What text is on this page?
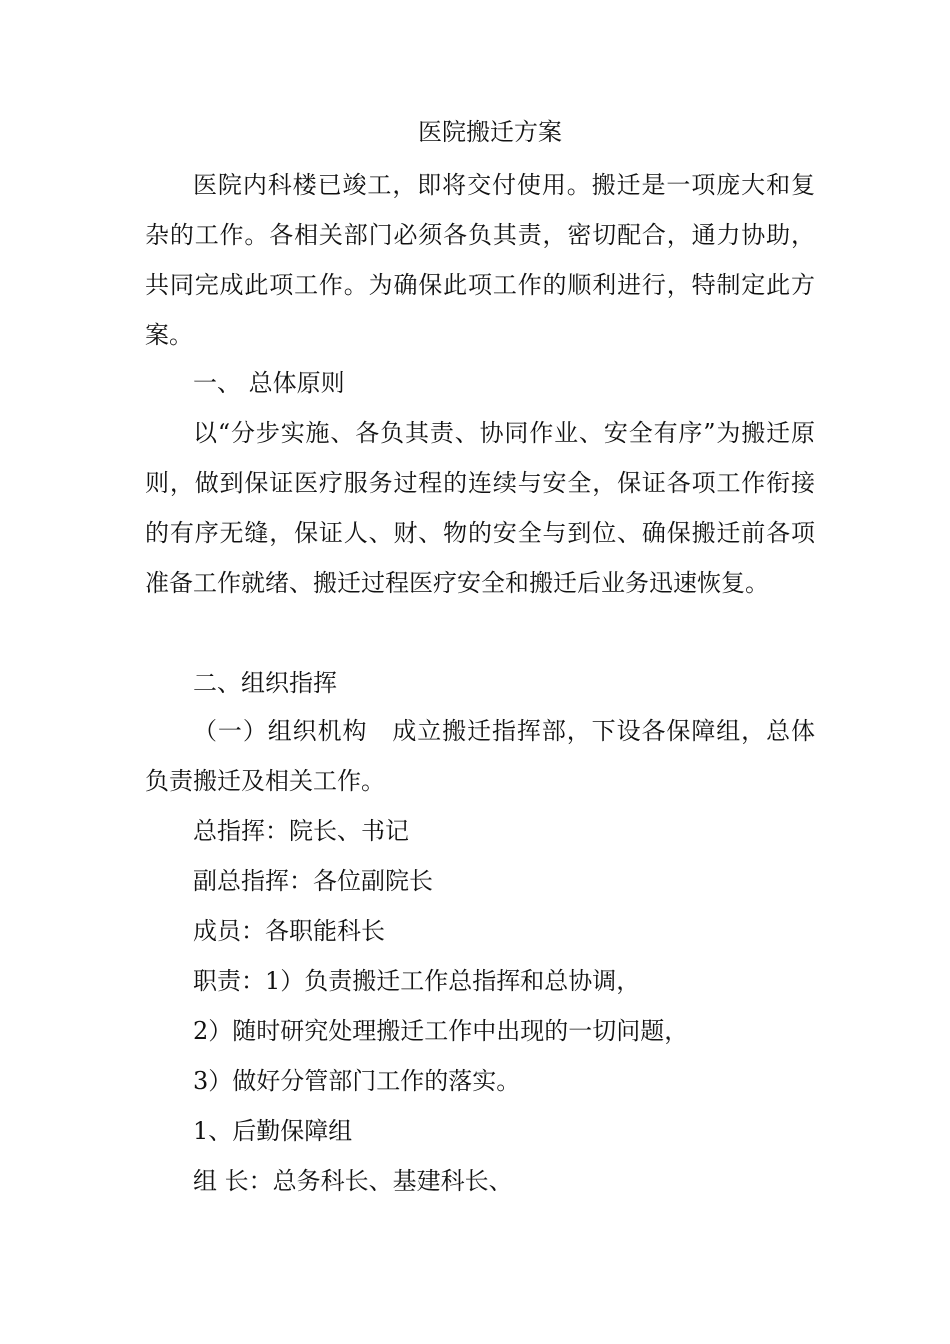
医院搬迁方案
医院内科楼已竣工，即将交付使用。搬迁是一项庞大和复杂的工作。各相关部门必须各负其责，密切配合，通力协助，共同完成此项工作。为确保此项工作的顺利进行，特制定此方案。
一、 总体原则
以“分步实施、各负其责、协同作业、安全有序”为搬迁原则，做到保证医疗服务过程的连续与安全，保证各项工作衔接的有序无缝，保证人、财、物的安全与到位、确保搬迁前各项准备工作就绪、搬迁过程医疗安全和搬迁后业务迅速恢复。
二、组织指挥
（一）组织机构　成立搬迁指挥部，下设各保障组，总体负责搬迁及相关工作。
总指挥：院长、书记
副总指挥：各位副院长
成员：各职能科长
职责：1）负责搬迁工作总指挥和总协调，
2）随时研究处理搬迁工作中出现的一切问题，
3）做好分管部门工作的落实。
1、后勤保障组
组 长：总务科长、基建科长、
